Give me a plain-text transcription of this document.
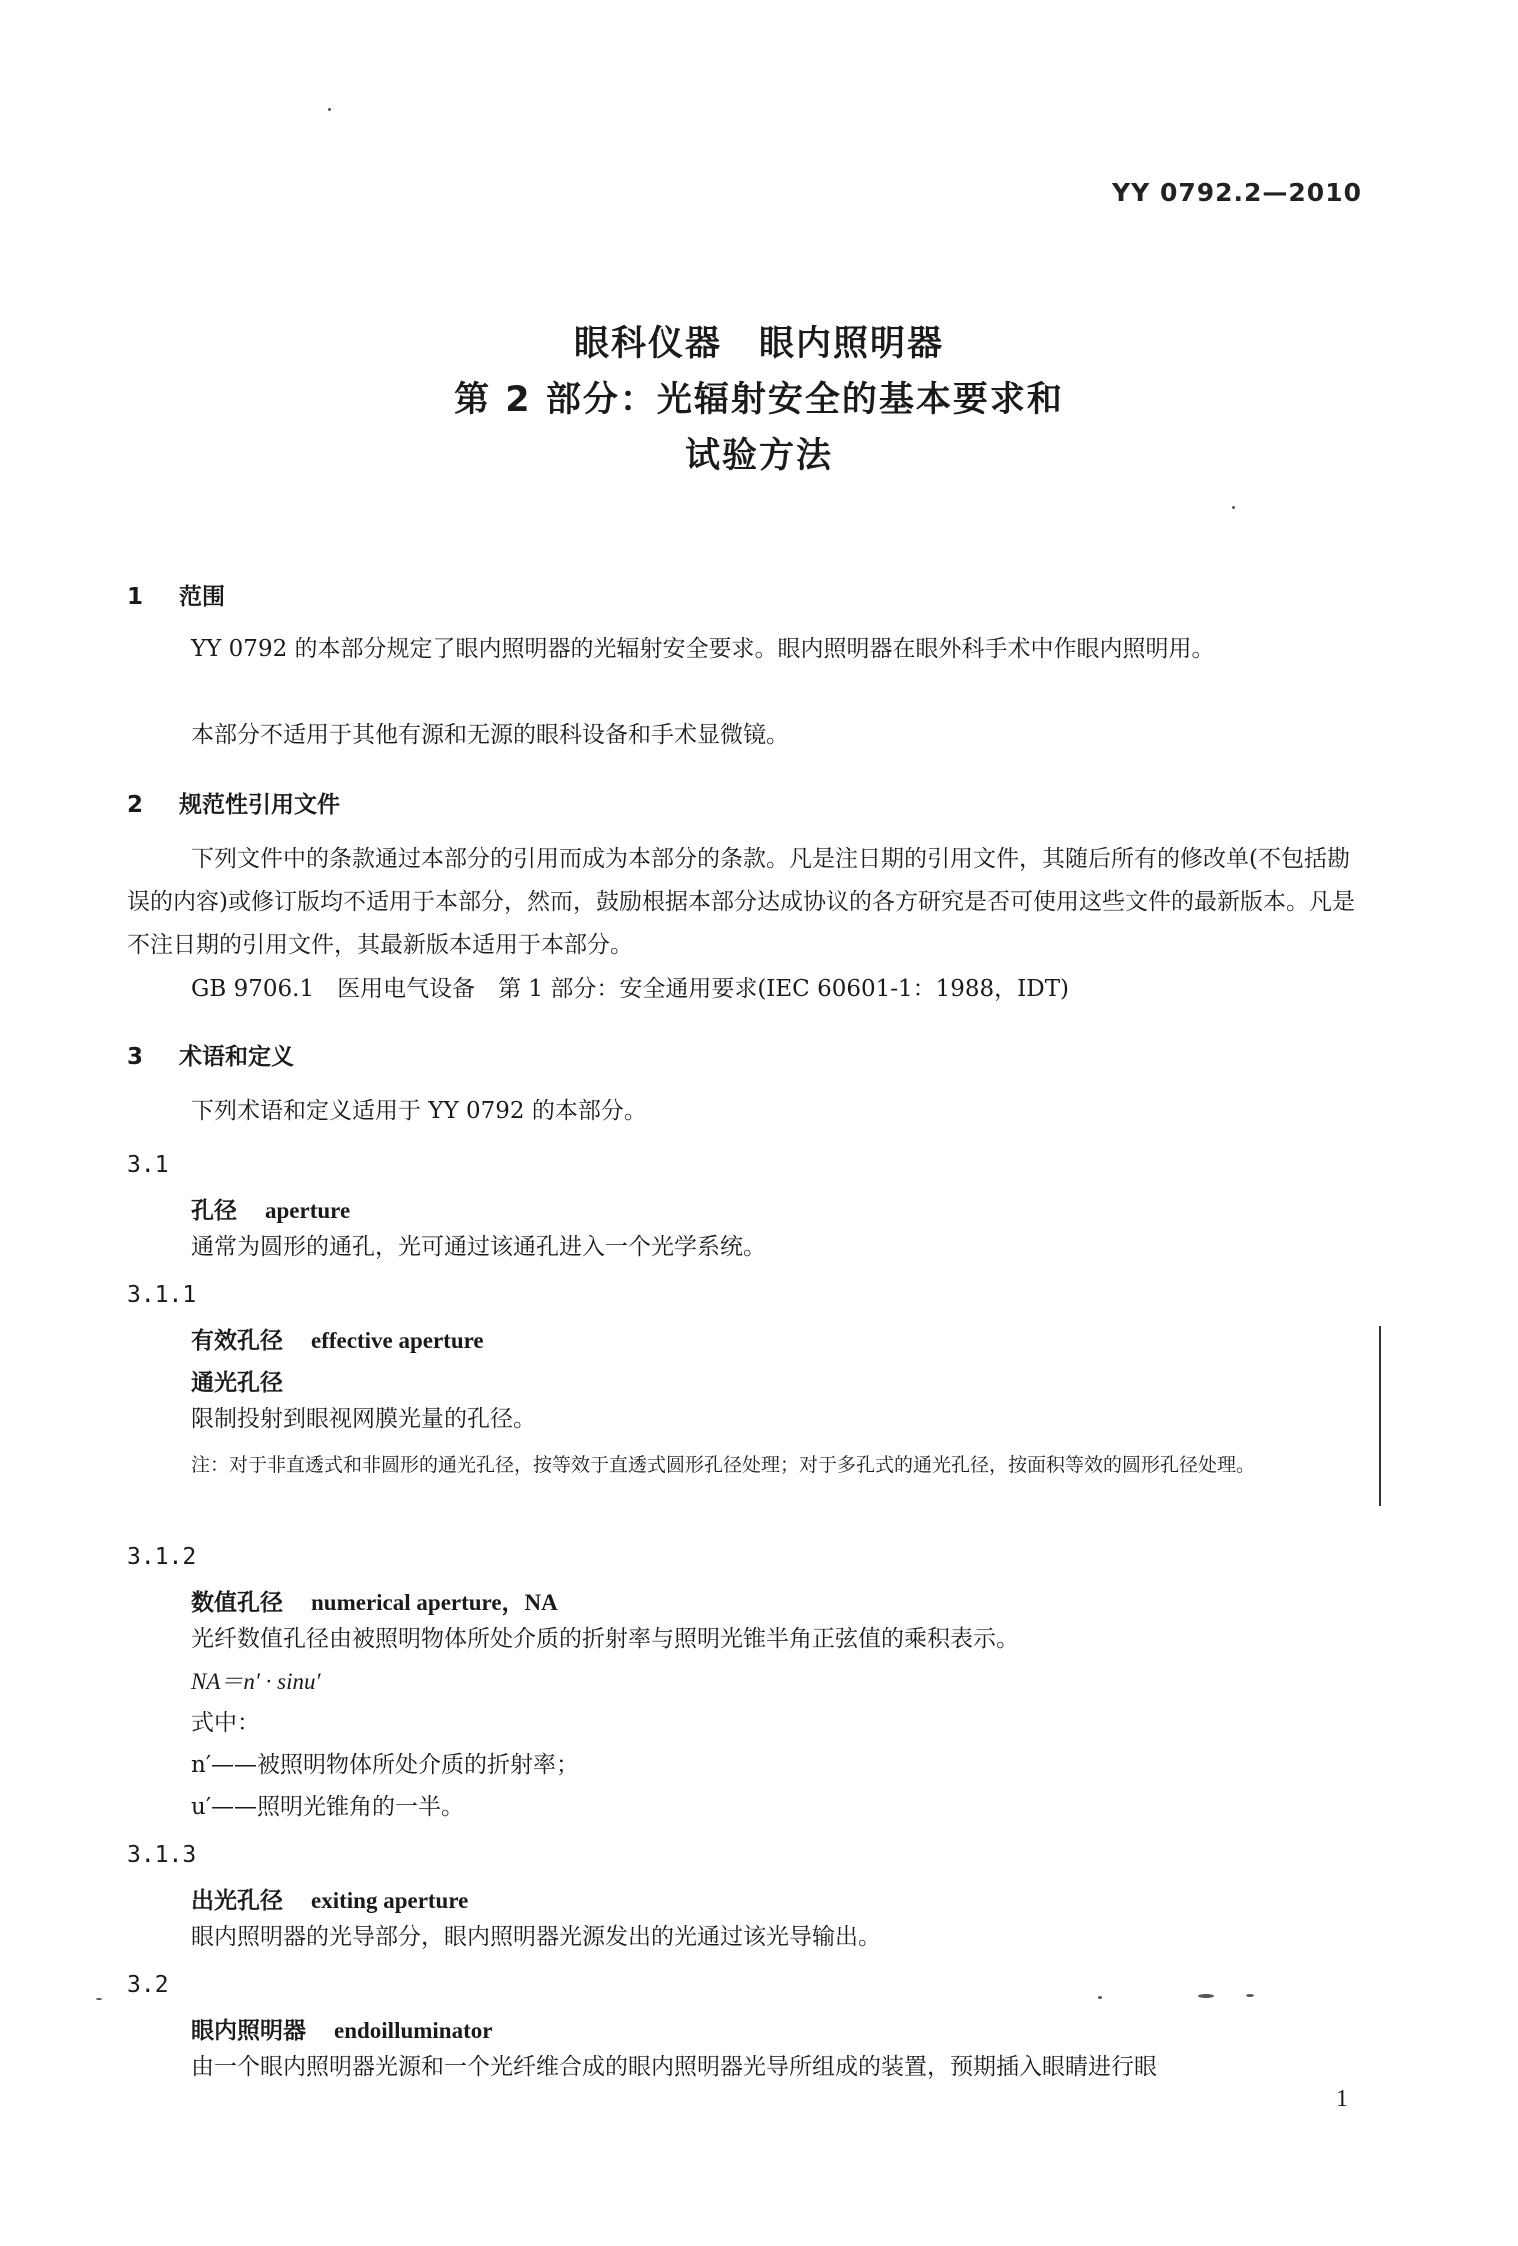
YY 0792.2—2010
眼科仪器　眼内照明器
第 2 部分：光辐射安全的基本要求和
试验方法
1 范围
YY 0792 的本部分规定了眼内照明器的光辐射安全要求。眼内照明器在眼外科手术中作眼内照明用。
本部分不适用于其他有源和无源的眼科设备和手术显微镜。
2 规范性引用文件
下列文件中的条款通过本部分的引用而成为本部分的条款。凡是注日期的引用文件，其随后所有的修改单(不包括勘误的内容)或修订版均不适用于本部分，然而，鼓励根据本部分达成协议的各方研究是否可使用这些文件的最新版本。凡是不注日期的引用文件，其最新版本适用于本部分。
GB 9706.1　医用电气设备　第 1 部分：安全通用要求(IEC 60601-1：1988，IDT)
3 术语和定义
下列术语和定义适用于 YY 0792 的本部分。
3.1
孔径 aperture
通常为圆形的通孔，光可通过该通孔进入一个光学系统。
3.1.1
有效孔径 effective aperture
通光孔径
限制投射到眼视网膜光量的孔径。
注：对于非直透式和非圆形的通光孔径，按等效于直透式圆形孔径处理；对于多孔式的通光孔径，按面积等效的圆形孔径处理。
3.1.2
数值孔径 numerical aperture，NA
光纤数值孔径由被照明物体所处介质的折射率与照明光锥半角正弦值的乘积表示。
NA＝n′ · sinu′
式中：
n′——被照明物体所处介质的折射率；
u′——照明光锥角的一半。
3.1.3
出光孔径 exiting aperture
眼内照明器的光导部分，眼内照明器光源发出的光通过该光导输出。
3.2
眼内照明器 endoilluminator
由一个眼内照明器光源和一个光纤维合成的眼内照明器光导所组成的装置，预期插入眼睛进行眼
1
